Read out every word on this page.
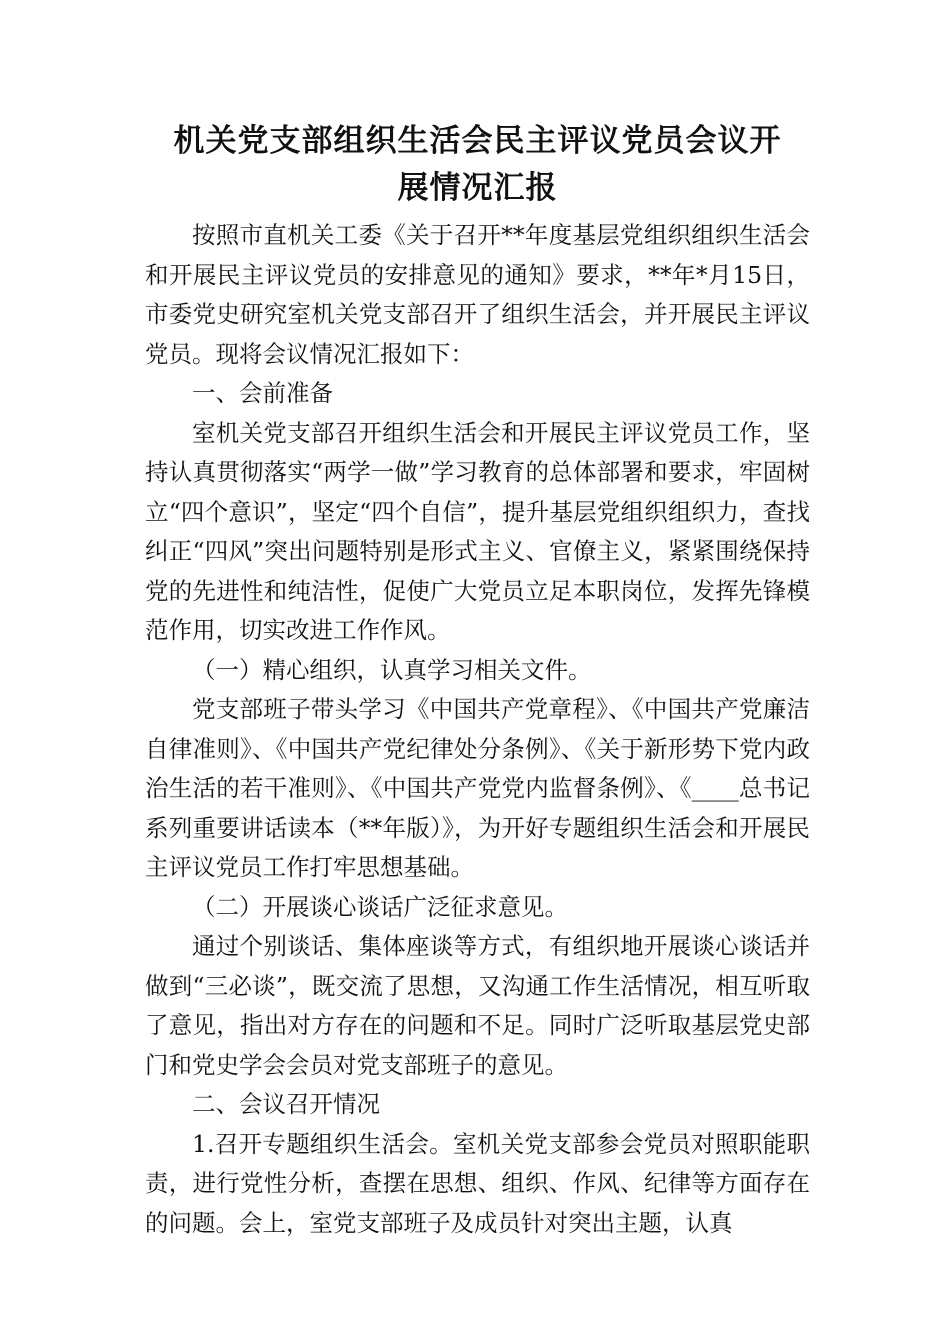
机关党支部组织生活会民主评议党员会议开
展情况汇报

按照市直机关工委《关于召开**年度基层党组织组织生活会和开展民主评议党员的安排意见的通知》要求，**年*月15日，市委党史研究室机关党支部召开了组织生活会，并开展民主评议党员。现将会议情况汇报如下：

一、会前准备

室机关党支部召开组织生活会和开展民主评议党员工作，坚持认真贯彻落实“两学一做”学习教育的总体部署和要求，牢固树立“四个意识”，坚定“四个自信”，提升基层党组织组织力，查找纠正“四风”突出问题特别是形式主义、官僚主义，紧紧围绕保持党的先进性和纯洁性，促使广大党员立足本职岗位，发挥先锋模范作用，切实改进工作作风。

（一）精心组织，认真学习相关文件。

党支部班子带头学习《中国共产党章程》、《中国共产党廉洁自律准则》、《中国共产党纪律处分条例》、《关于新形势下党内政治生活的若干准则》、《中国共产党党内监督条例》、《____总书记系列重要讲话读本（**年版）》，为开好专题组织生活会和开展民主评议党员工作打牢思想基础。

（二）开展谈心谈话广泛征求意见。

通过个别谈话、集体座谈等方式，有组织地开展谈心谈话并做到“三必谈”，既交流了思想，又沟通工作生活情况，相互听取了意见，指出对方存在的问题和不足。同时广泛听取基层党史部门和党史学会会员对党支部班子的意见。

二、会议召开情况

1.召开专题组织生活会。室机关党支部参会党员对照职能职责，进行党性分析，查摆在思想、组织、作风、纪律等方面存在的问题。会上，室党支部班子及成员针对突出主题，认真
